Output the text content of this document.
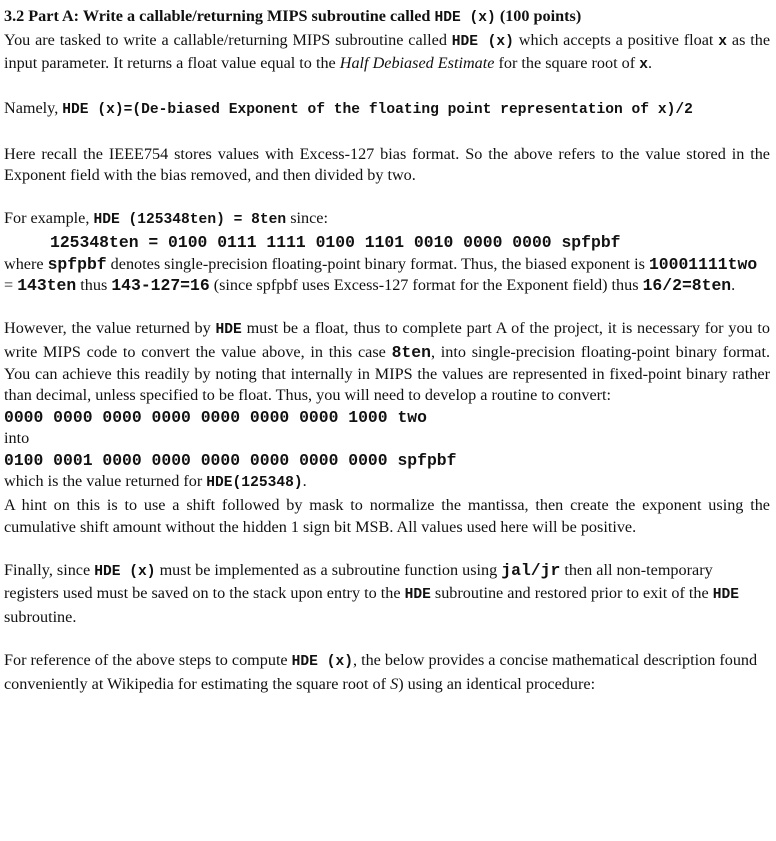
3.2 Part A: Write a callable/returning MIPS subroutine called HDE (x) (100 points)

You are tasked to write a callable/returning MIPS subroutine called HDE (x) which accepts a positive float x as the input parameter. It returns a float value equal to the Half Debiased Estimate for the square root of x.

Namely, HDE (x)=(De-biased Exponent of the floating point representation of x)/2

Here recall the IEEE754 stores values with Excess-127 bias format. So the above refers to the value stored in the Exponent field with the bias removed, and then divided by two.

For example, HDE (125348ten) = 8ten since:

125348ten = 0100 0111 1111 0100 1101 0010 0000 0000 spfpbf

where spfpbf denotes single-precision floating-point binary format. Thus, the biased exponent is 10001111two = 143ten thus 143-127=16 (since spfpbf uses Excess-127 format for the Exponent field) thus 16/2=8ten.

However, the value returned by HDE must be a float, thus to complete part A of the project, it is necessary for you to write MIPS code to convert the value above, in this case 8ten, into single-precision floating-point binary format. You can achieve this readily by noting that internally in MIPS the values are represented in fixed-point binary rather than decimal, unless specified to be float. Thus, you will need to develop a routine to convert:

0000 0000 0000 0000 0000 0000 0000 1000 two

into

0100 0001 0000 0000 0000 0000 0000 0000 spfpbf

which is the value returned for HDE(125348).

A hint on this is to use a shift followed by mask to normalize the mantissa, then create the exponent using the cumulative shift amount without the hidden 1 sign bit MSB. All values used here will be positive.

Finally, since HDE (x) must be implemented as a subroutine function using jal/jr then all non-temporary registers used must be saved on to the stack upon entry to the HDE subroutine and restored prior to exit of the HDE subroutine.

For reference of the above steps to compute HDE (x), the below provides a concise mathematical description found conveniently at Wikipedia for estimating the square root of S) using an identical procedure:
